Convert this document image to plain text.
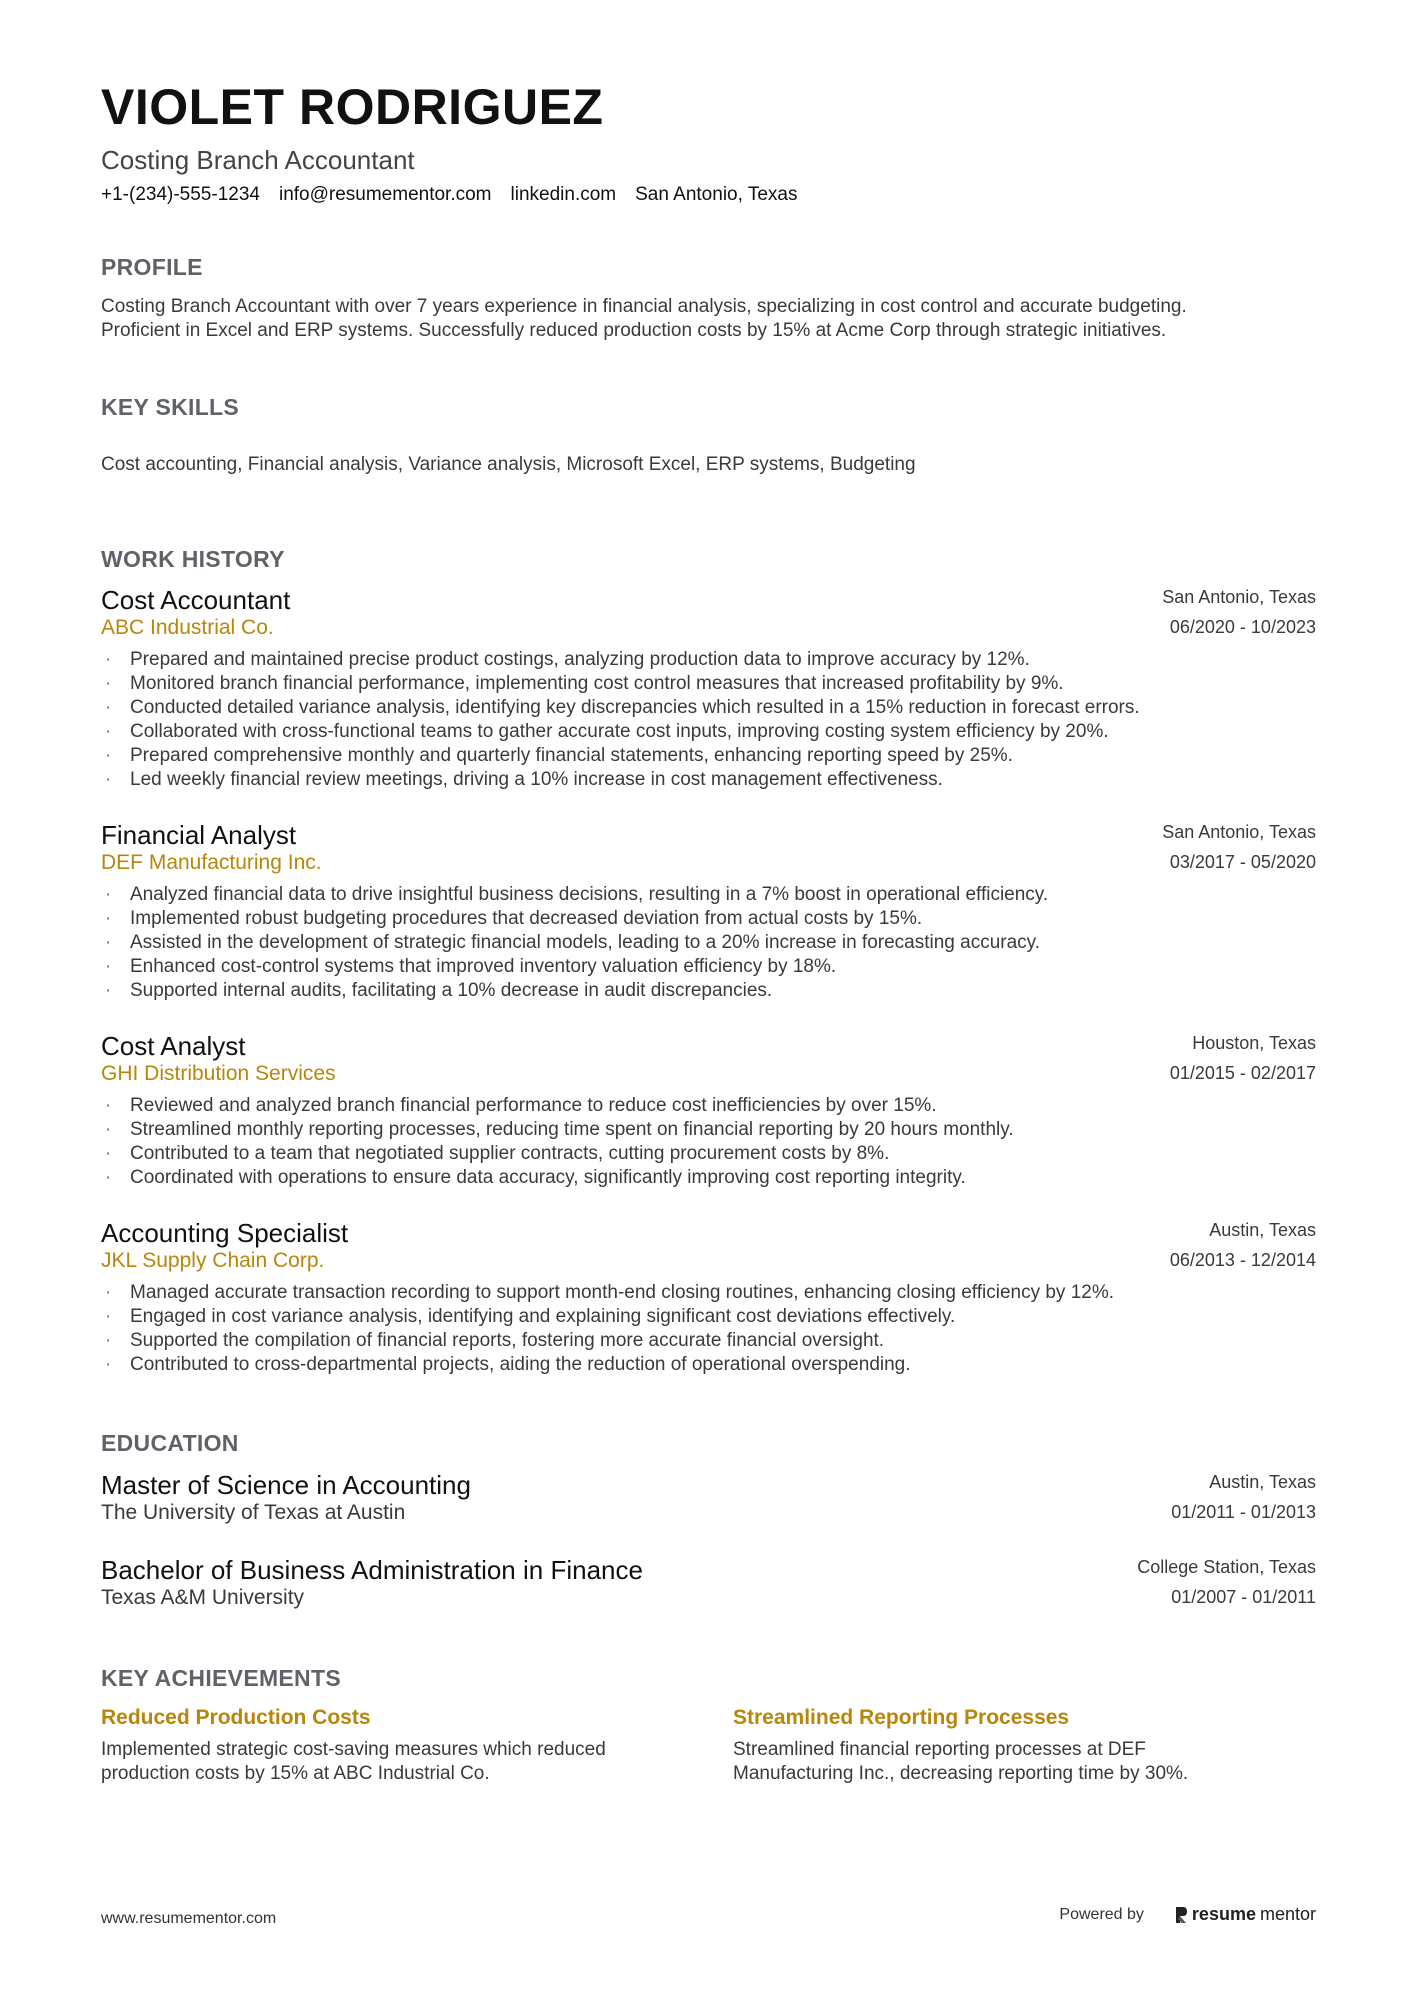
VIOLET RODRIGUEZ
Costing Branch Accountant
+1-(234)-555-1234 info@resumementor.com linkedin.com San Antonio, Texas
PROFILE
Costing Branch Accountant with over 7 years experience in financial analysis, specializing in cost control and accurate budgeting.
Proficient in Excel and ERP systems. Successfully reduced production costs by 15% at Acme Corp through strategic initiatives.
KEY SKILLS
Cost accounting, Financial analysis, Variance analysis, Microsoft Excel, ERP systems, Budgeting
WORK HISTORY
Cost Accountant
ABC Industrial Co.
San Antonio, Texas
06/2020 - 10/2023
· Prepared and maintained precise product costings, analyzing production data to improve accuracy by 12%.
· Monitored branch financial performance, implementing cost control measures that increased profitability by 9%.
· Conducted detailed variance analysis, identifying key discrepancies which resulted in a 15% reduction in forecast errors.
· Collaborated with cross-functional teams to gather accurate cost inputs, improving costing system efficiency by 20%.
· Prepared comprehensive monthly and quarterly financial statements, enhancing reporting speed by 25%.
· Led weekly financial review meetings, driving a 10% increase in cost management effectiveness.
Financial Analyst
DEF Manufacturing Inc.
San Antonio, Texas
03/2017 - 05/2020
· Analyzed financial data to drive insightful business decisions, resulting in a 7% boost in operational efficiency.
· Implemented robust budgeting procedures that decreased deviation from actual costs by 15%.
· Assisted in the development of strategic financial models, leading to a 20% increase in forecasting accuracy.
· Enhanced cost-control systems that improved inventory valuation efficiency by 18%.
· Supported internal audits, facilitating a 10% decrease in audit discrepancies.
Cost Analyst
GHI Distribution Services
Houston, Texas
01/2015 - 02/2017
· Reviewed and analyzed branch financial performance to reduce cost inefficiencies by over 15%.
· Streamlined monthly reporting processes, reducing time spent on financial reporting by 20 hours monthly.
· Contributed to a team that negotiated supplier contracts, cutting procurement costs by 8%.
· Coordinated with operations to ensure data accuracy, significantly improving cost reporting integrity.
Accounting Specialist
JKL Supply Chain Corp.
Austin, Texas
06/2013 - 12/2014
· Managed accurate transaction recording to support month-end closing routines, enhancing closing efficiency by 12%.
· Engaged in cost variance analysis, identifying and explaining significant cost deviations effectively.
· Supported the compilation of financial reports, fostering more accurate financial oversight.
· Contributed to cross-departmental projects, aiding the reduction of operational overspending.
EDUCATION
Master of Science in Accounting
The University of Texas at Austin
Austin, Texas
01/2011 - 01/2013
Bachelor of Business Administration in Finance
Texas A&M University
College Station, Texas
01/2007 - 01/2011
KEY ACHIEVEMENTS
Reduced Production Costs
Implemented strategic cost-saving measures which reduced
production costs by 15% at ABC Industrial Co.
Streamlined Reporting Processes
Streamlined financial reporting processes at DEF
Manufacturing Inc., decreasing reporting time by 30%.
www.resumementor.com	Powered by	resume mentor
